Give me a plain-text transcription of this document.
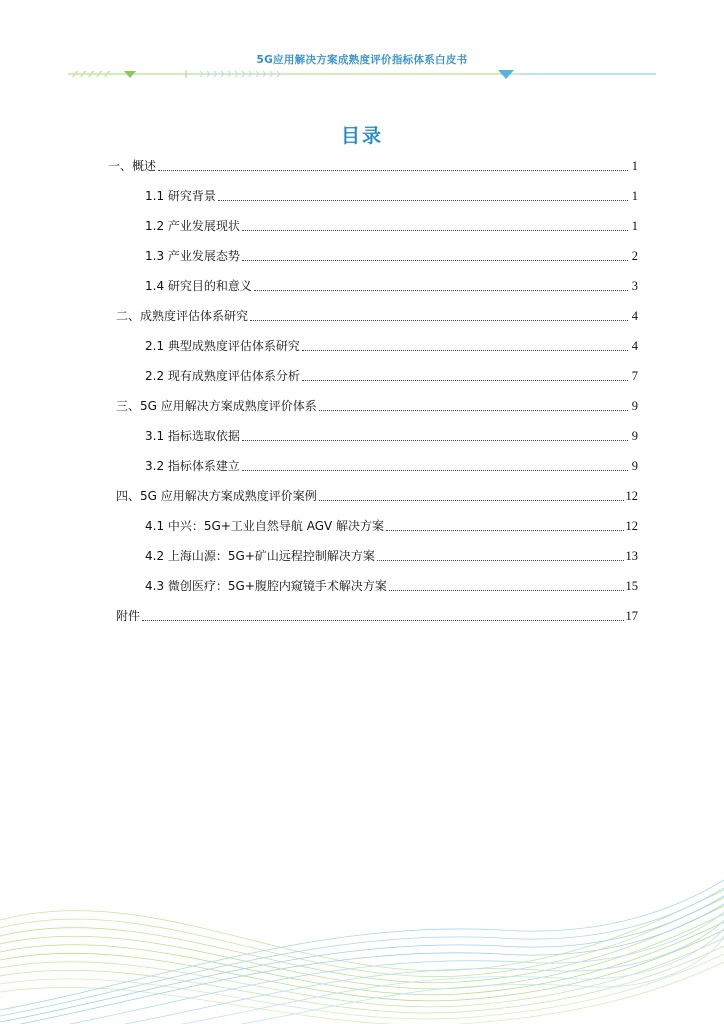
5G应用解决方案成熟度评价指标体系白皮书
目录
一、概述	1
1.1 研究背景	1
1.2 产业发展现状	1
1.3 产业发展态势	2
1.4 研究目的和意义	3
二、成熟度评估体系研究	4
2.1 典型成熟度评估体系研究	4
2.2 现有成熟度评估体系分析	7
三、5G 应用解决方案成熟度评价体系	9
3.1 指标选取依据	9
3.2 指标体系建立	9
四、5G 应用解决方案成熟度评价案例	12
4.1 中兴：5G+工业自然导航 AGV 解决方案	12
4.2 上海山源：5G+矿山远程控制解决方案	13
4.3 微创医疗：5G+腹腔内窥镜手术解决方案	15
附件	17
